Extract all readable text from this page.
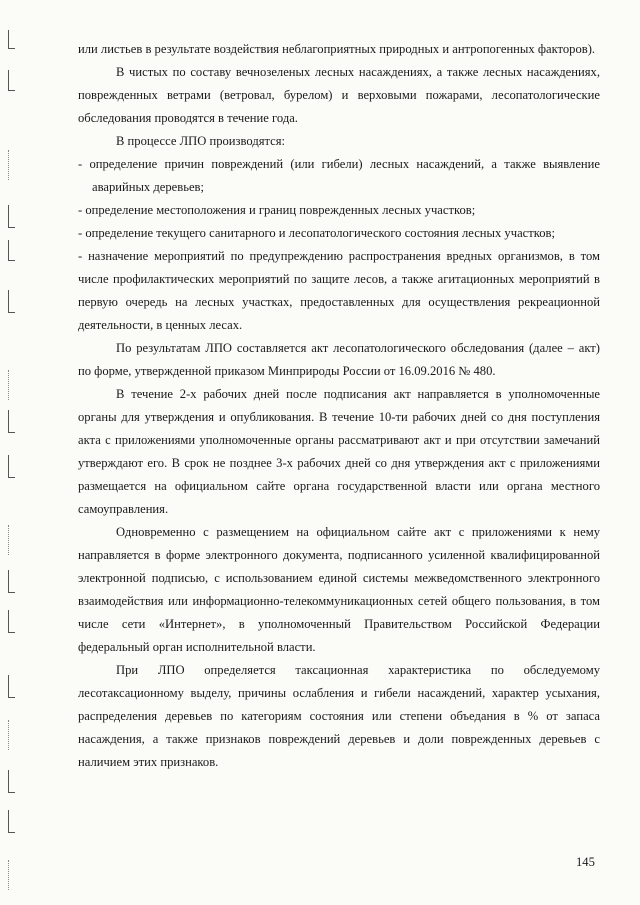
или листьев в результате воздействия неблагоприятных природных и антропогенных факторов).

В чистых по составу вечнозеленых лесных насаждениях, а также лесных насаждениях, поврежденных ветрами (ветровал, бурелом) и верховыми пожарами, лесопатологические обследования проводятся в течение года.

В процессе ЛПО производятся:

- определение причин повреждений (или гибели) лесных насаждений, а также выявление аварийных деревьев;

- определение местоположения и границ поврежденных лесных участков;

- определение текущего санитарного и лесопатологического состояния лесных участков;

- назначение мероприятий по предупреждению распространения вредных организмов, в том числе профилактических мероприятий по защите лесов, а также агитационных мероприятий в первую очередь на лесных участках, предоставленных для осуществления рекреационной деятельности, в ценных лесах.

По результатам ЛПО составляется акт лесопатологического обследования (далее – акт) по форме, утвержденной приказом Минприроды России от 16.09.2016 № 480.

В течение 2-х рабочих дней после подписания акт направляется в уполномоченные органы для утверждения и опубликования. В течение 10-ти рабочих дней со дня поступления акта с приложениями уполномоченные органы рассматривают акт и при отсутствии замечаний утверждают его. В срок не позднее 3-х рабочих дней со дня утверждения акт с приложениями размещается на официальном сайте органа государственной власти или органа местного самоуправления.

Одновременно с размещением на официальном сайте акт с приложениями к нему направляется в форме электронного документа, подписанного усиленной квалифицированной электронной подписью, с использованием единой системы межведомственного электронного взаимодействия или информационно-телекоммуникационных сетей общего пользования, в том числе сети «Интернет», в уполномоченный Правительством Российской Федерации федеральный орган исполнительной власти.

При ЛПО определяется таксационная характеристика по обследуемому лесотаксационному выделу, причины ослабления и гибели насаждений, характер усыхания, распределения деревьев по категориям состояния или степени объедания в % от запаса насаждения, а также признаков повреждений деревьев и доли поврежденных деревьев с наличием этих признаков.

145
